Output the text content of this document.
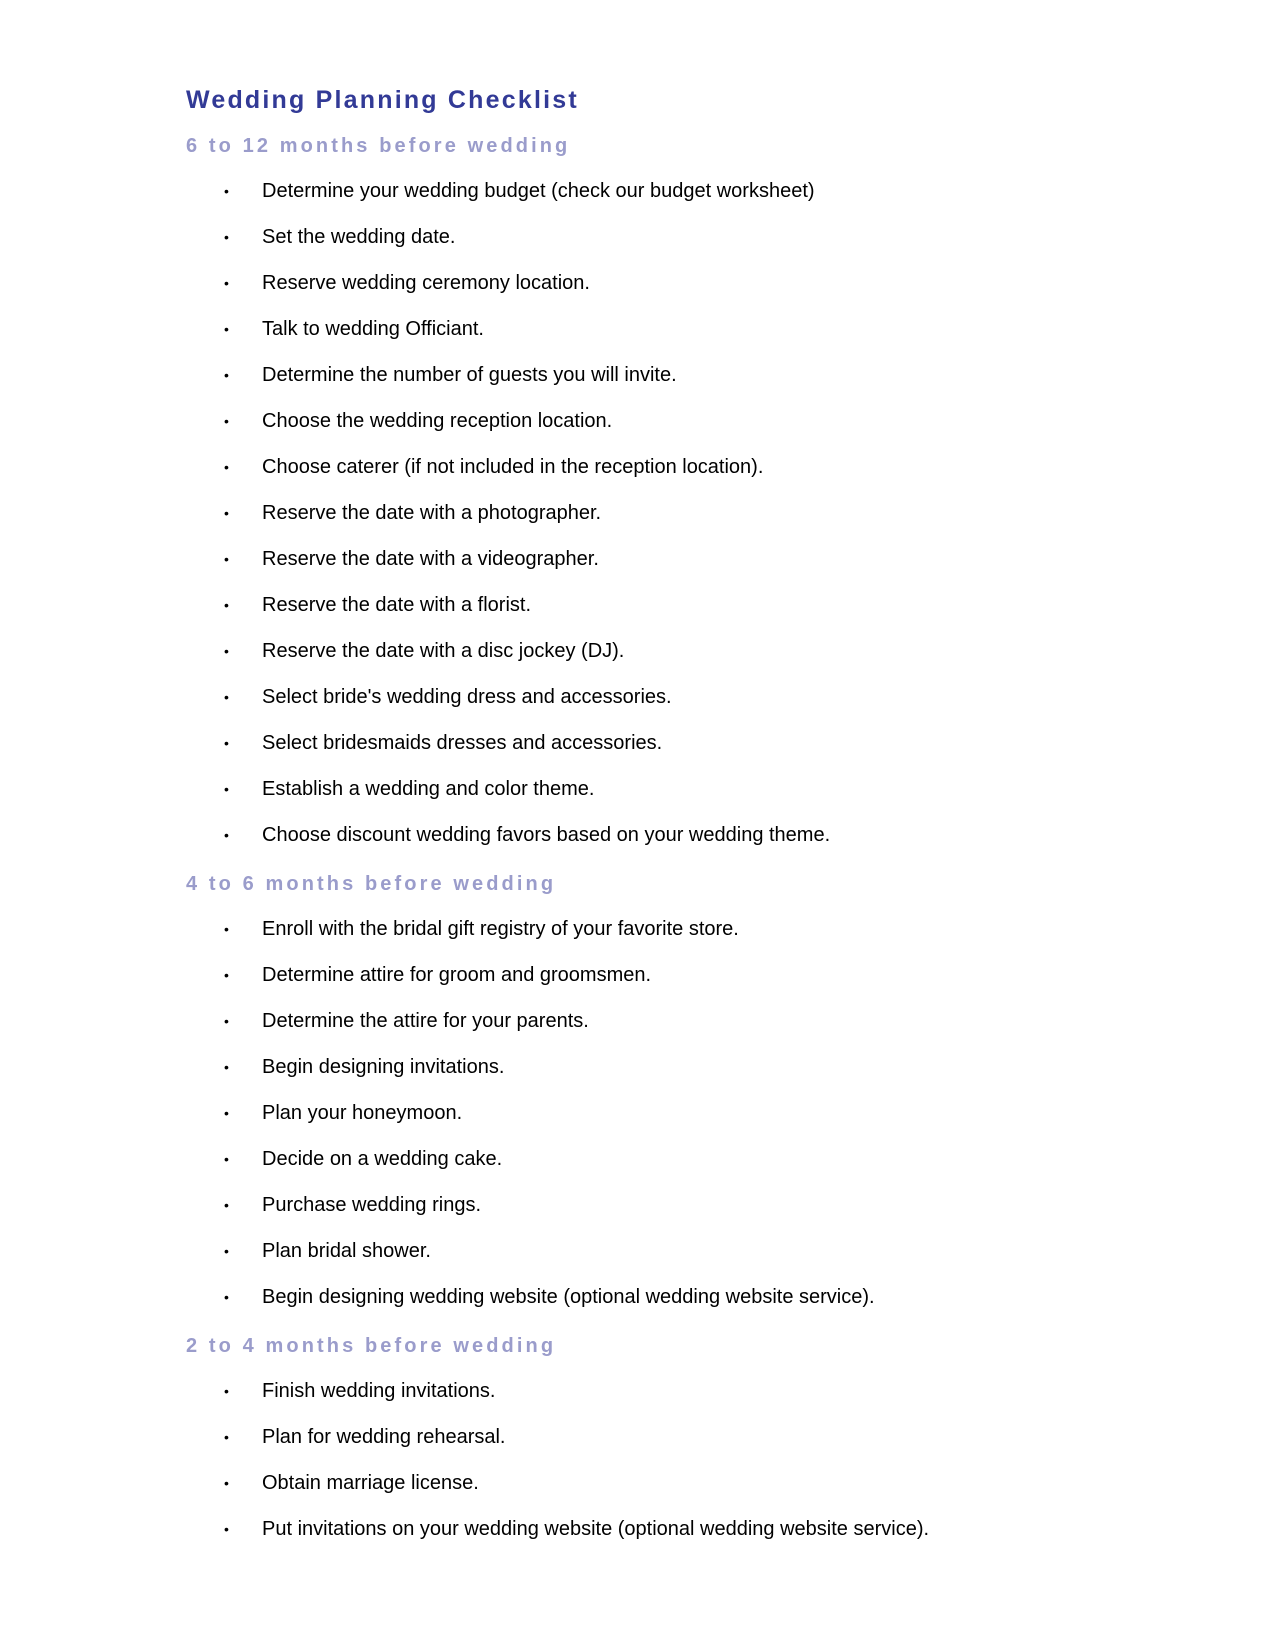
Wedding Planning Checklist
6 to 12 months before wedding
• Determine your wedding budget (check our budget worksheet)
• Set the wedding date.
• Reserve wedding ceremony location.
• Talk to wedding Officiant.
• Determine the number of guests you will invite.
• Choose the wedding reception location.
• Choose caterer (if not included in the reception location).
• Reserve the date with a photographer.
• Reserve the date with a videographer.
• Reserve the date with a florist.
• Reserve the date with a disc jockey (DJ).
• Select bride's wedding dress and accessories.
• Select bridesmaids dresses and accessories.
• Establish a wedding and color theme.
• Choose discount wedding favors based on your wedding theme.
4 to 6 months before wedding
• Enroll with the bridal gift registry of your favorite store.
• Determine attire for groom and groomsmen.
• Determine the attire for your parents.
• Begin designing invitations.
• Plan your honeymoon.
• Decide on a wedding cake.
• Purchase wedding rings.
• Plan bridal shower.
• Begin designing wedding website (optional wedding website service).
2 to 4 months before wedding
• Finish wedding invitations.
• Plan for wedding rehearsal.
• Obtain marriage license.
• Put invitations on your wedding website (optional wedding website service).
